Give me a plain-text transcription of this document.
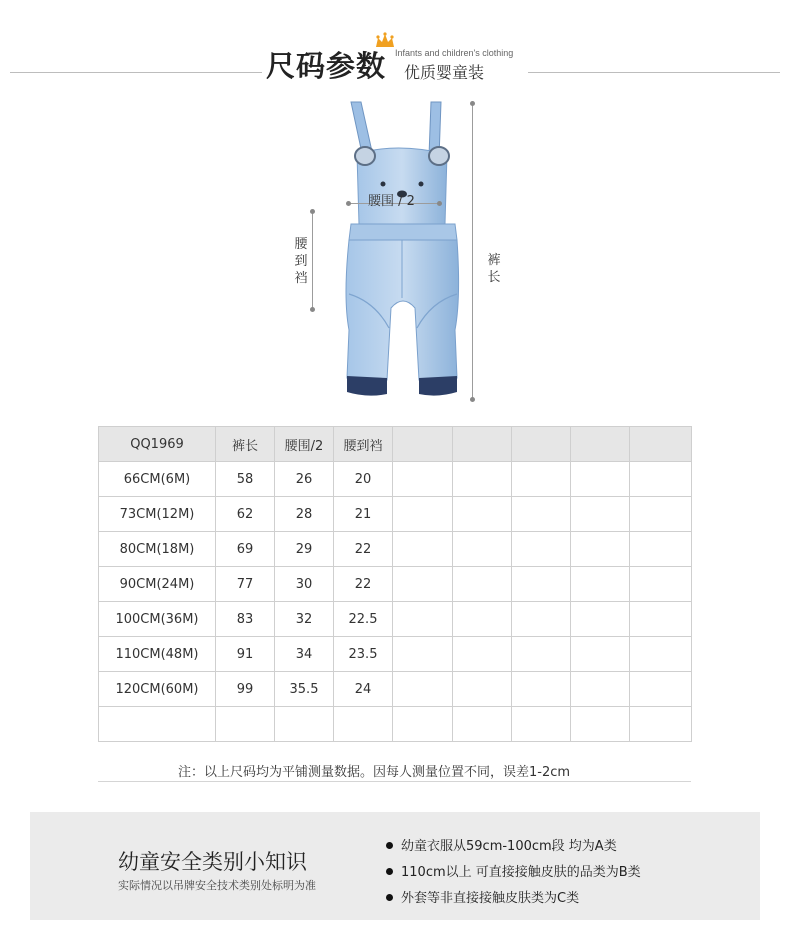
尺码参数 Infants and children's clothing
优质婴童装
腰围 / 2
腰
到
裆
裤
长
QQ1969	裤长	腰围/2	腰到裆					
66CM(6M)	58	26	20					
73CM(12M)	62	28	21					
80CM(18M)	69	29	22					
90CM(24M)	77	30	22					
100CM(36M)	83	32	22.5					
110CM(48M)	91	34	23.5					
120CM(60M)	99	35.5	24					

注：以上尺码均为平铺测量数据。因每人测量位置不同，误差1-2cm
幼童安全类别小知识
实际情况以吊牌安全技术类别处标明为准
幼童衣服从59cm-100cm段 均为A类
110cm以上 可直接接触皮肤的品类为B类
外套等非直接接触皮肤类为C类
